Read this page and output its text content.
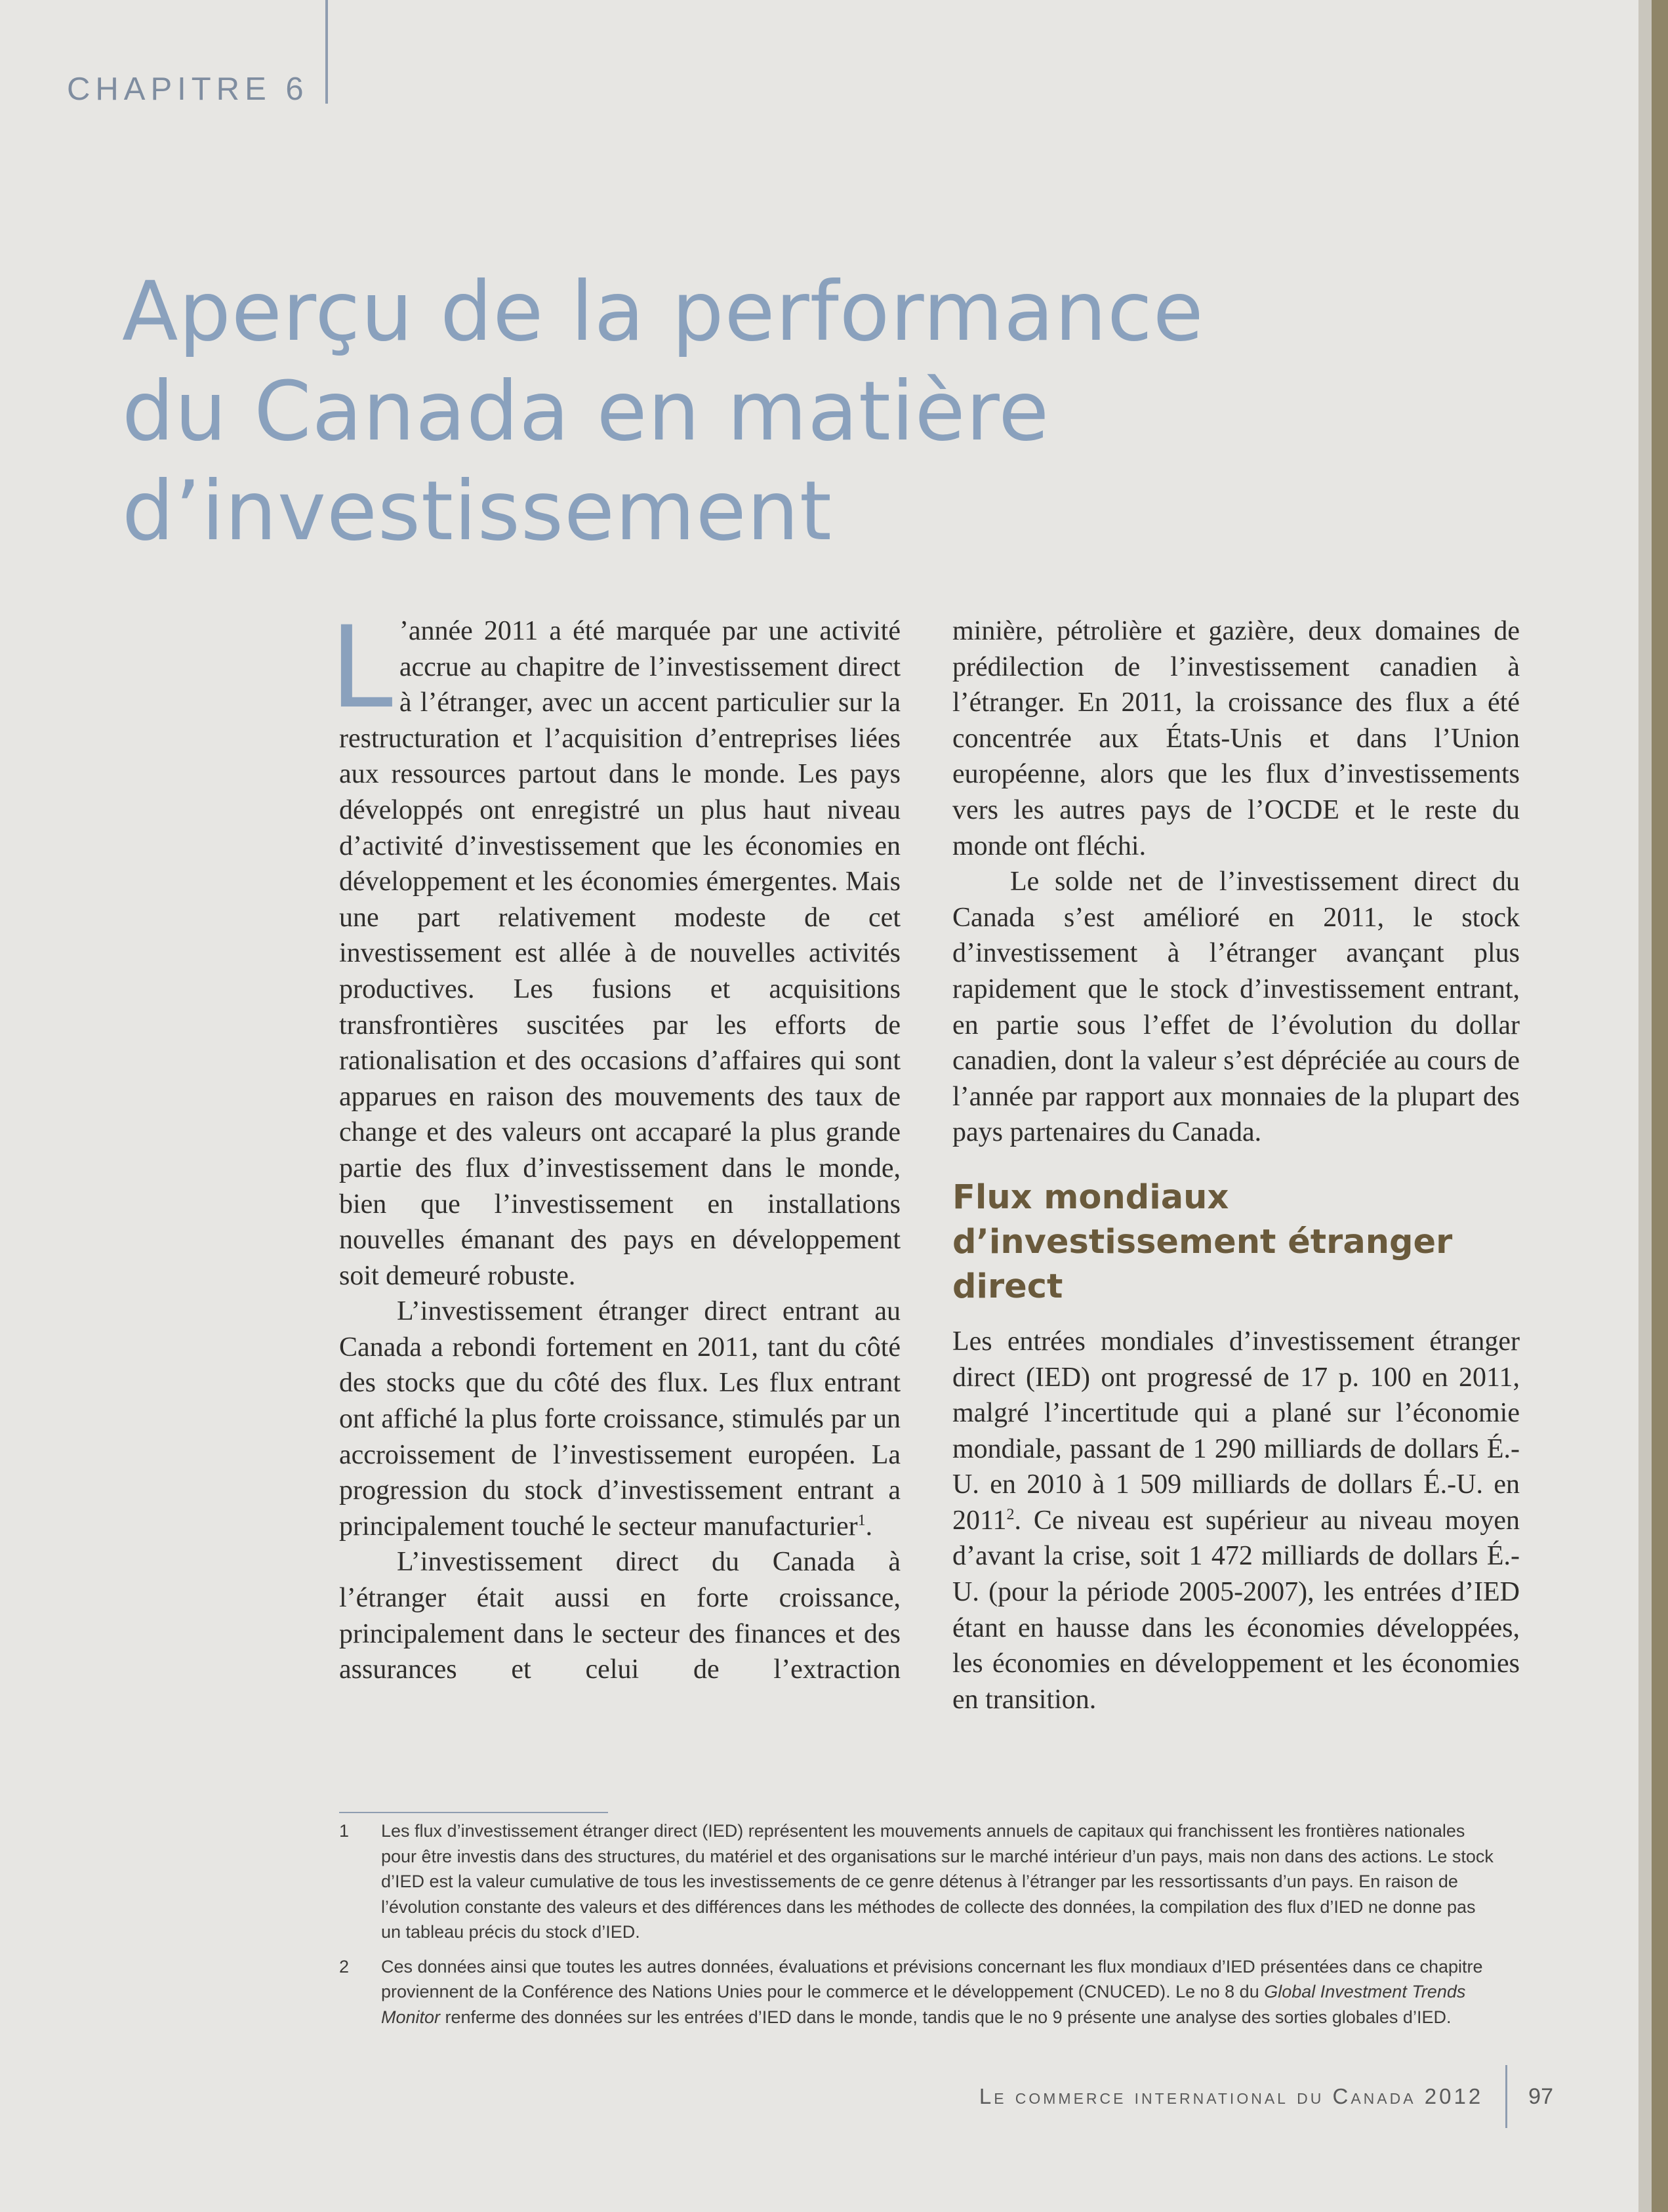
CHAPITRE 6
Aperçu de la performance
du Canada en matière
d’investissement

L ’année 2011 a été marquée par une activité accrue au chapitre de l’investissement direct à l’étranger, avec un accent particulier sur la restructuration et l’acquisition d’entreprises liées aux ressources partout dans le monde. Les pays développés ont enregistré un plus haut niveau d’activité d’investissement que les économies en développement et les économies émergentes. Mais une part relativement modeste de cet investissement est allée à de nouvelles activités productives. Les fusions et acquisitions transfrontières suscitées par les efforts de rationalisation et des occasions d’affaires qui sont apparues en raison des mouvements des taux de change et des valeurs ont accaparé la plus grande partie des flux d’investissement dans le monde, bien que l’investissement en installations nouvelles émanant des pays en développement soit demeuré robuste.

L’investissement étranger direct entrant au Canada a rebondi fortement en 2011, tant du côté des stocks que du côté des flux. Les flux entrant ont affiché la plus forte croissance, stimulés par un accroissement de l’investissement européen. La progression du stock d’investissement entrant a principalement touché le secteur manufacturier$^1$.

L’investissement direct du Canada à l’étranger était aussi en forte croissance, principalement dans le secteur des finances et des assurances et celui de l’extraction

1	Les flux d’investissement étranger direct (IED) représentent les mouvements annuels de capitaux qui franchissent les frontières nationales pour être investis dans des structures, du matériel et des organisations sur le marché intérieur d’un pays, mais non dans des actions. Le stock d’IED est la valeur cumulative de tous les investissements de ce genre détenus à l’étranger par les ressortissants d’un pays. En raison de l’évolution constante des valeurs et des différences dans les méthodes de collecte des données, la compilation des flux d’IED ne donne pas un tableau précis du stock d’IED.
2	Ces données ainsi que toutes les autres données, évaluations et prévisions concernant les flux mondiaux d’IED présentées dans ce chapitre proviennent de la Conférence des Nations Unies pour le commerce et le développement (CNUCED). Le no 8 du Global Investment Trends Monitor renferme des données sur les entrées d’IED dans le monde, tandis que le no 9 présente une analyse des sorties globales d’IED.
Le commerce international du Canada 2012 97

minière, pétrolière et gazière, deux domaines de prédilection de l’investissement canadien à l’étranger. En 2011, la croissance des flux a été concentrée aux États-Unis et dans l’Union européenne, alors que les flux d’investissements vers les autres pays de l’OCDE et le reste du monde ont fléchi.

Le solde net de l’investissement direct du Canada s’est amélioré en 2011, le stock d’investissement à l’étranger avançant plus rapidement que le stock d’investissement entrant, en partie sous l’effet de l’évolution du dollar canadien, dont la valeur s’est dépréciée au cours de l’année par rapport aux monnaies de la plupart des pays partenaires du Canada.

Flux mondiaux d’investissement étranger direct

Les entrées mondiales d’investissement étranger direct (IED) ont progressé de 17 p. 100 en 2011, malgré l’incertitude qui a plané sur l’économie mondiale, passant de 1 290 milliards de dollars É.-U. en 2010 à 1 509 milliards de dollars É.-U. en 2011$^2$. Ce niveau est supérieur au niveau moyen d’avant la crise, soit 1 472 milliards de dollars É.-U. (pour la période 2005-2007), les entrées d’IED étant en hausse dans les économies développées, les économies en développement et les économies en transition.
